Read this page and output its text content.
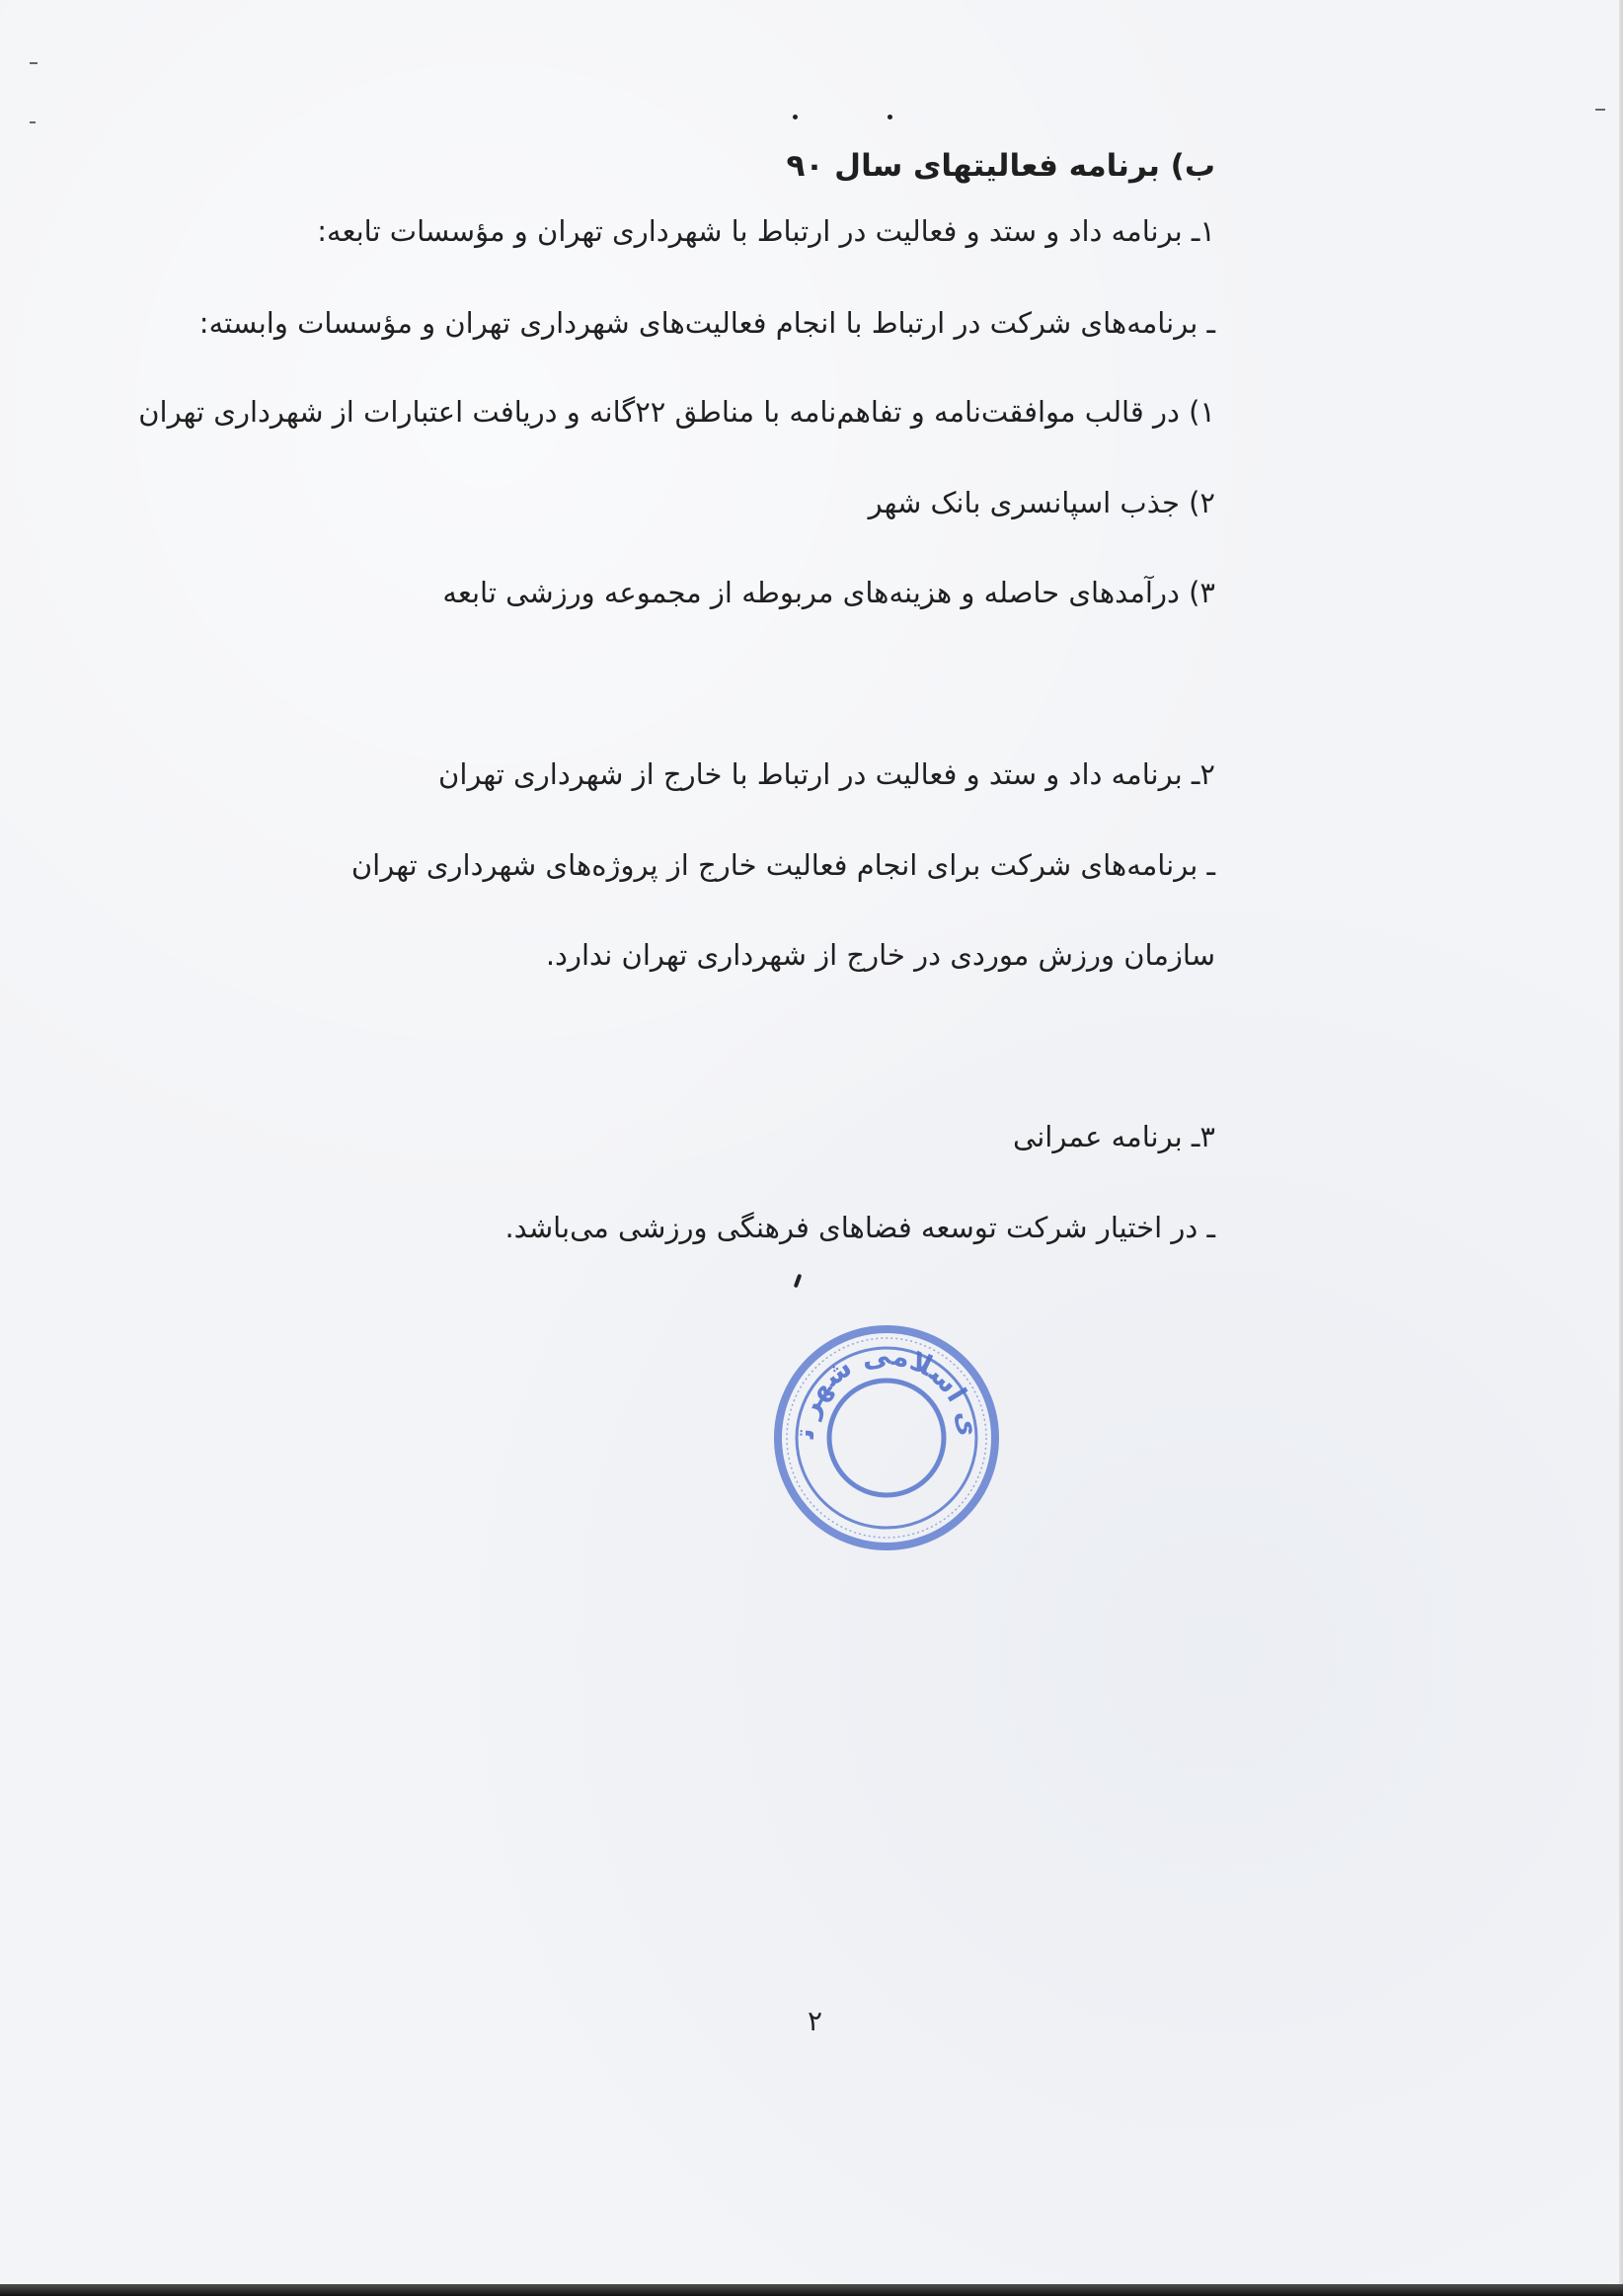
ب) برنامه فعالیتهای سال ۹۰
۱ـ برنامه داد و ستد و فعالیت در ارتباط با شهرداری تهران و مؤسسات تابعه:
ـ برنامه‌های شرکت در ارتباط با انجام فعالیت‌های شهرداری تهران و مؤسسات وابسته:
۱) در قالب موافقت‌نامه و تفاهم‌نامه با مناطق ۲۲گانه و دریافت اعتبارات از شهرداری تهران
۲) جذب اسپانسری بانک شهر
۳) درآمدهای حاصله و هزینه‌های مربوطه از مجموعه ورزشی تابعه
۲ـ برنامه داد و ستد و فعالیت در ارتباط با خارج از شهرداری تهران
ـ برنامه‌های شرکت برای انجام فعالیت خارج از پروژه‌های شهرداری تهران
سازمان ورزش موردی در خارج از شهرداری تهران ندارد.
۳ـ برنامه عمرانی
ـ در اختیار شرکت توسعه فضاهای فرهنگی ورزشی می‌باشد.
شورای اسلامی شهر تهران
۲
